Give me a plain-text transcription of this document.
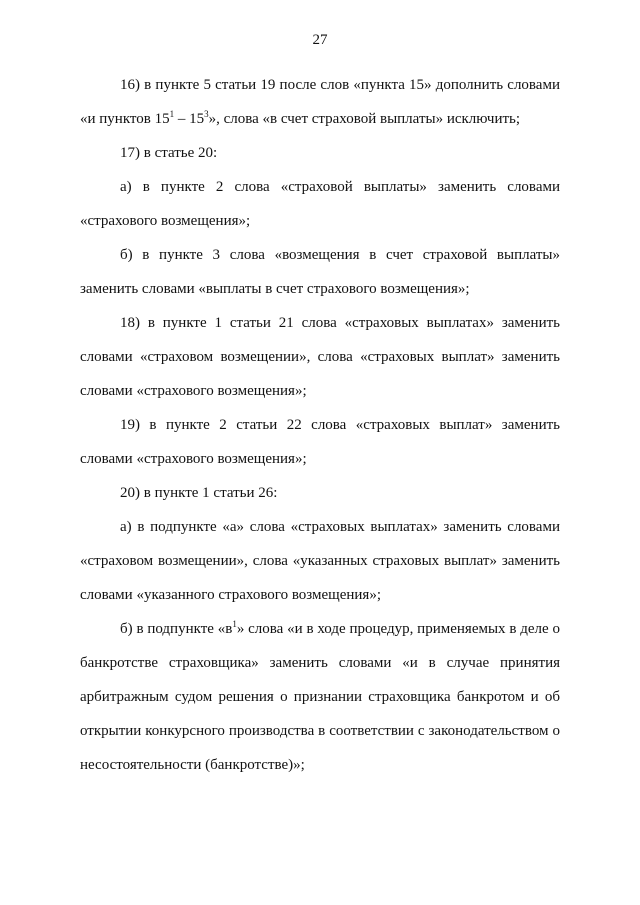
27

16) в пункте 5 статьи 19 после слов «пункта 15» дополнить словами «и пунктов $15^1 - 15^3$», слова «в счет страховой выплаты» исключить;

17) в статье 20:

а) в пункте 2 слова «страховой выплаты» заменить словами «страхового возмещения»;

б) в пункте 3 слова «возмещения в счет страховой выплаты» заменить словами «выплаты в счет страхового возмещения»;

18) в пункте 1 статьи 21 слова «страховых выплатах» заменить словами «страховом возмещении», слова «страховых выплат» заменить словами «страхового возмещения»;

19) в пункте 2 статьи 22 слова «страховых выплат» заменить словами «страхового возмещения»;

20) в пункте 1 статьи 26:

а) в подпункте «а» слова «страховых выплатах» заменить словами «страховом возмещении», слова «указанных страховых выплат» заменить словами «указанного страхового возмещения»;

б) в подпункте «$в^1$» слова «и в ходе процедур, применяемых в деле о банкротстве страховщика» заменить словами «и в случае принятия арбитражным судом решения о признании страховщика банкротом и об открытии конкурсного производства в соответствии с законодательством о несостоятельности (банкротстве)»;
